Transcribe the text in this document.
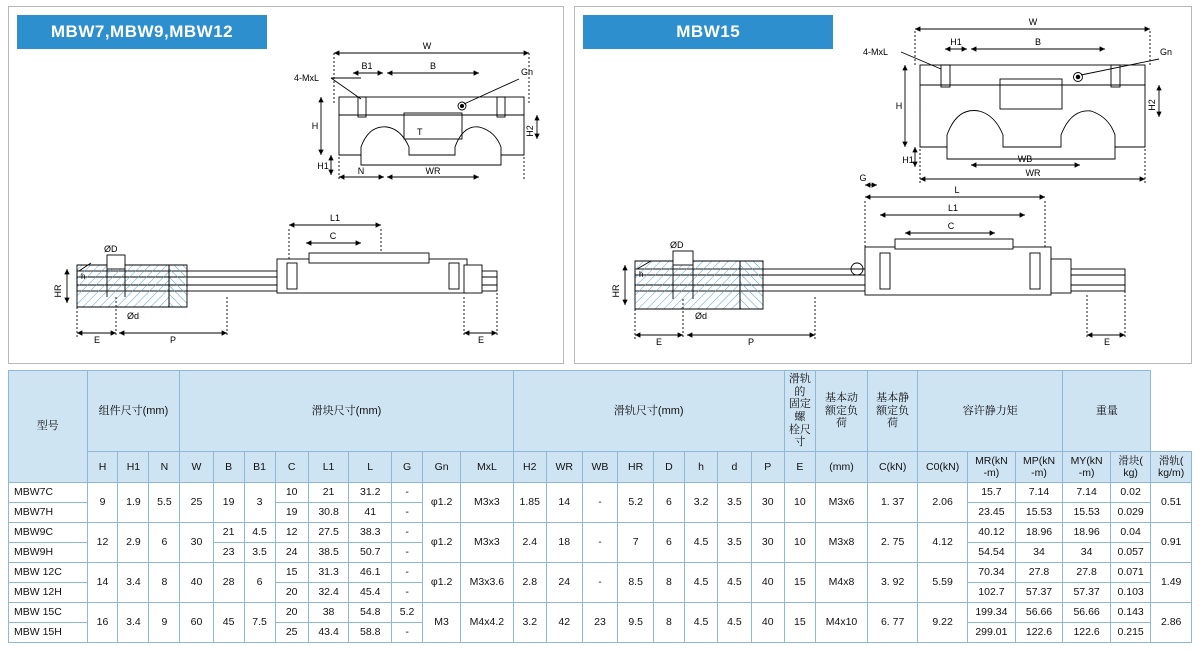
MBW7,MBW9,MBW12
W
B1	B
4-MxL
Gn
H
H1
H2
N	WR
T
L1
C
ØD
Ød
HR
h
E	P	E
MBW15	W
H1	B
4-MxL	Gn
H
H1
H2
WB
WR
G
L
L1
C
ØD
Ød
HR
h
E	P	E
型号	组件尺寸(mm)			滑块尺寸(mm)									滑轨尺寸(mm)								滑轨的
固定螺
栓尺寸	基本动
额定负
荷	基本静
额定负
荷	容许静力矩			重量		

	H	H1	N	W	B	B1	C	L1	L	G	Gn	MxL	H2	WR	WB	HR	D	h	d	P	E	(mm)	C(kN)	C0(kN)	MR(kN
-m)	MP(kN
-m)	MY(kN
-m)	滑块(
kg)	滑轨(
kg/m)
MBW7C	9	1.9	5.5	25	19	3	10	21	31.2	-	φ1.2	M3x3	1.85	14	-	5.2	6	3.2	3.5	30	10	M3x6	1. 37	2.06	15.7	7.14	7.14	0.02	0.51
MBW7H							19	30.8	41	-															23.45	15.53	15.53	0.029	
MBW9C	12	2.9	6	30	21	4.5	12	27.5	38.3	-	φ1.2	M3x3	2.4	18	-	7	6	4.5	3.5	30	10	M3x8	2. 75	4.12	40.12	18.96	18.96	0.04	0.91
MBW9H					23	3.5	24	38.5	50.7	-															54.54	34	34	0.057	
MBW 12C	14	3.4	8	40	28	6	15	31.3	46.1	-	φ1.2	M3x3.6	2.8	24	-	8.5	8	4.5	4.5	40	15	M4x8	3. 92	5.59	70.34	27.8	27.8	0.071	1.49
MBW 12H							20	32.4	45.4	-															102.7	57.37	57.37	0.103	
MBW 15C	16	3.4	9	60	45	7.5	20	38	54.8	5.2	M3	M4x4.2	3.2	42	23	9.5	8	4.5	4.5	40	15	M4x10	6. 77	9.22	199.34	56.66	56.66	0.143	2.86
MBW 15H							25	43.4	58.8	-															299.01	122.6	122.6	0.215	
